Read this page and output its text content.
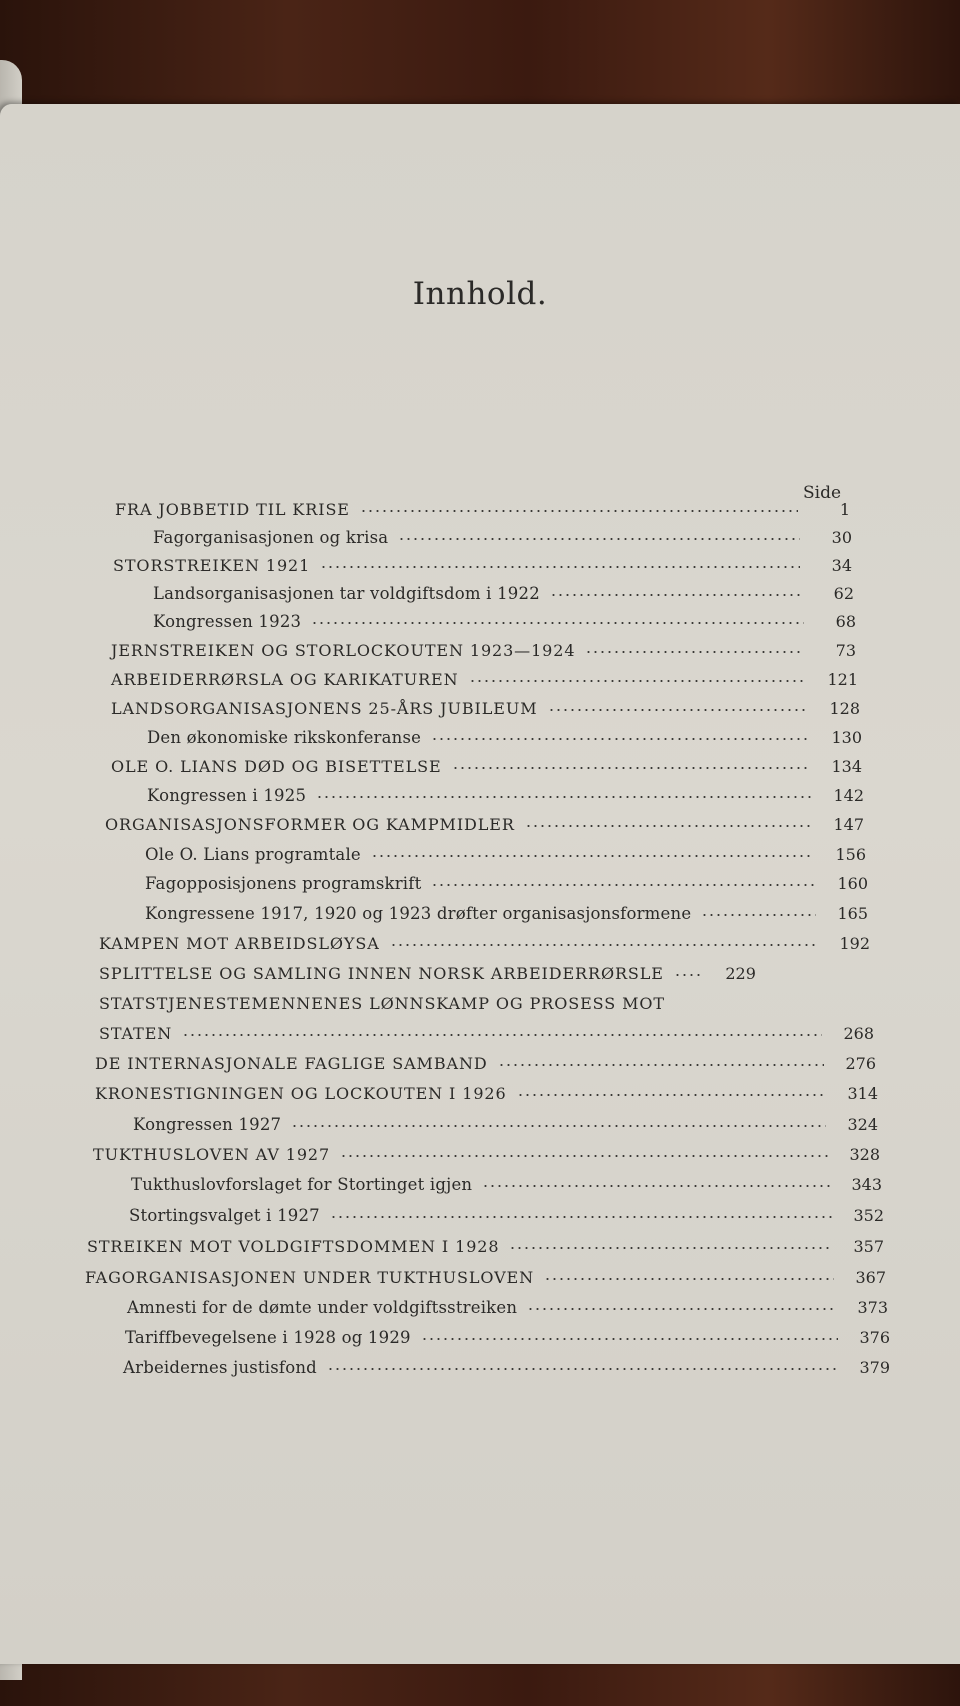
Innhold.
Side
FRA JOBBETID TIL KRISE	1
Fagorganisasjonen og krisa	30
STORSTREIKEN 1921	34
Landsorganisasjonen tar voldgiftsdom i 1922	62
Kongressen 1923	68
JERNSTREIKEN OG STORLOCKOUTEN 1923—1924	73
ARBEIDERRØRSLA OG KARIKATUREN	121
LANDSORGANISASJONENS 25-ÅRS JUBILEUM	128
Den økonomiske rikskonferanse	130
OLE O. LIANS DØD OG BISETTELSE	134
Kongressen i 1925	142
ORGANISASJONSFORMER OG KAMPMIDLER	147
Ole O. Lians programtale	156
Fagopposisjonens programskrift	160
Kongressene 1917, 1920 og 1923 drøfter organisasjonsformene	165
KAMPEN MOT ARBEIDSLØYSA	192
SPLITTELSE OG SAMLING INNEN NORSK ARBEIDERRØRSLE	229
STATSTJENESTEMENNENES LØNNSKAMP OG PROSESS MOT
STATEN	268
DE INTERNASJONALE FAGLIGE SAMBAND	276
KRONESTIGNINGEN OG LOCKOUTEN I 1926	314
Kongressen 1927	324
TUKTHUSLOVEN AV 1927	328
Tukthuslovforslaget for Stortinget igjen	343
Stortingsvalget i 1927	352
STREIKEN MOT VOLDGIFTSDOMMEN I 1928	357
FAGORGANISASJONEN UNDER TUKTHUSLOVEN	367
Amnesti for de dømte under voldgiftsstreiken	373
Tariffbevegelsene i 1928 og 1929	376
Arbeidernes justisfond	379
